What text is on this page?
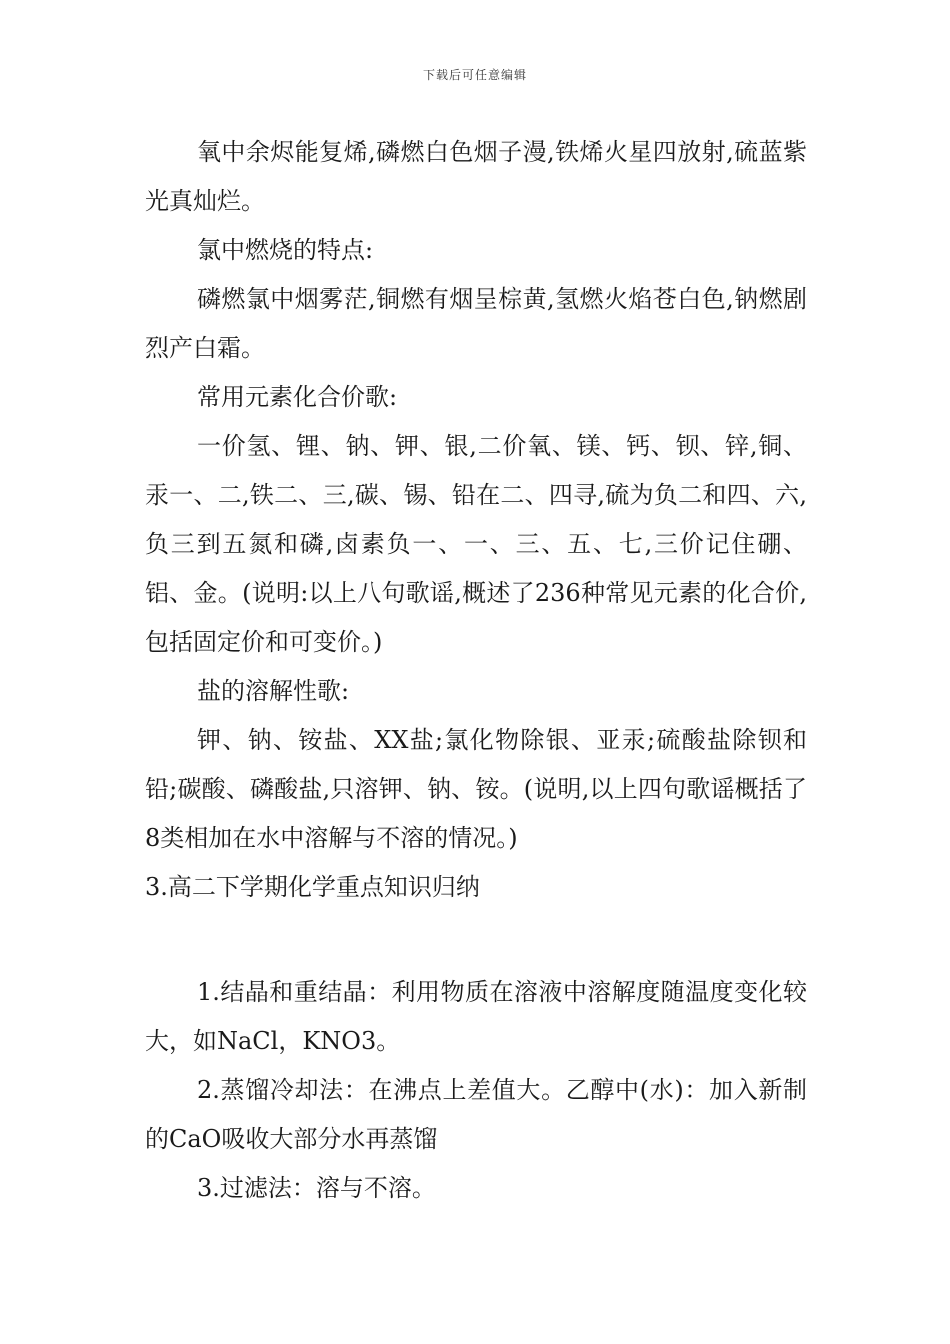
下载后可任意编辑

氧中余烬能复烯,磷燃白色烟子漫,铁烯火星四放射,硫蓝紫光真灿烂。

氯中燃烧的特点:

磷燃氯中烟雾茫,铜燃有烟呈棕黄,氢燃火焰苍白色,钠燃剧烈产白霜。

常用元素化合价歌:

一价氢、锂、钠、钾、银,二价氧、镁、钙、钡、锌,铜、汞一、二,铁二、三,碳、锡、铅在二、四寻,硫为负二和四、六,负三到五氮和磷,卤素负一、一、三、五、七,三价记住硼、铝、金。(说明:以上八句歌谣,概述了236种常见元素的化合价,包括固定价和可变价。)

盐的溶解性歌:

钾、钠、铵盐、XX盐;氯化物除银、亚汞;硫酸盐除钡和铅;碳酸、磷酸盐,只溶钾、钠、铵。(说明,以上四句歌谣概括了8类相加在水中溶解与不溶的情况。)

3.高二下学期化学重点知识归纳

1.结晶和重结晶：利用物质在溶液中溶解度随温度变化较大，如NaCl，KNO3。

2.蒸馏冷却法：在沸点上差值大。乙醇中(水)：加入新制的CaO吸收大部分水再蒸馏

3.过滤法：溶与不溶。
